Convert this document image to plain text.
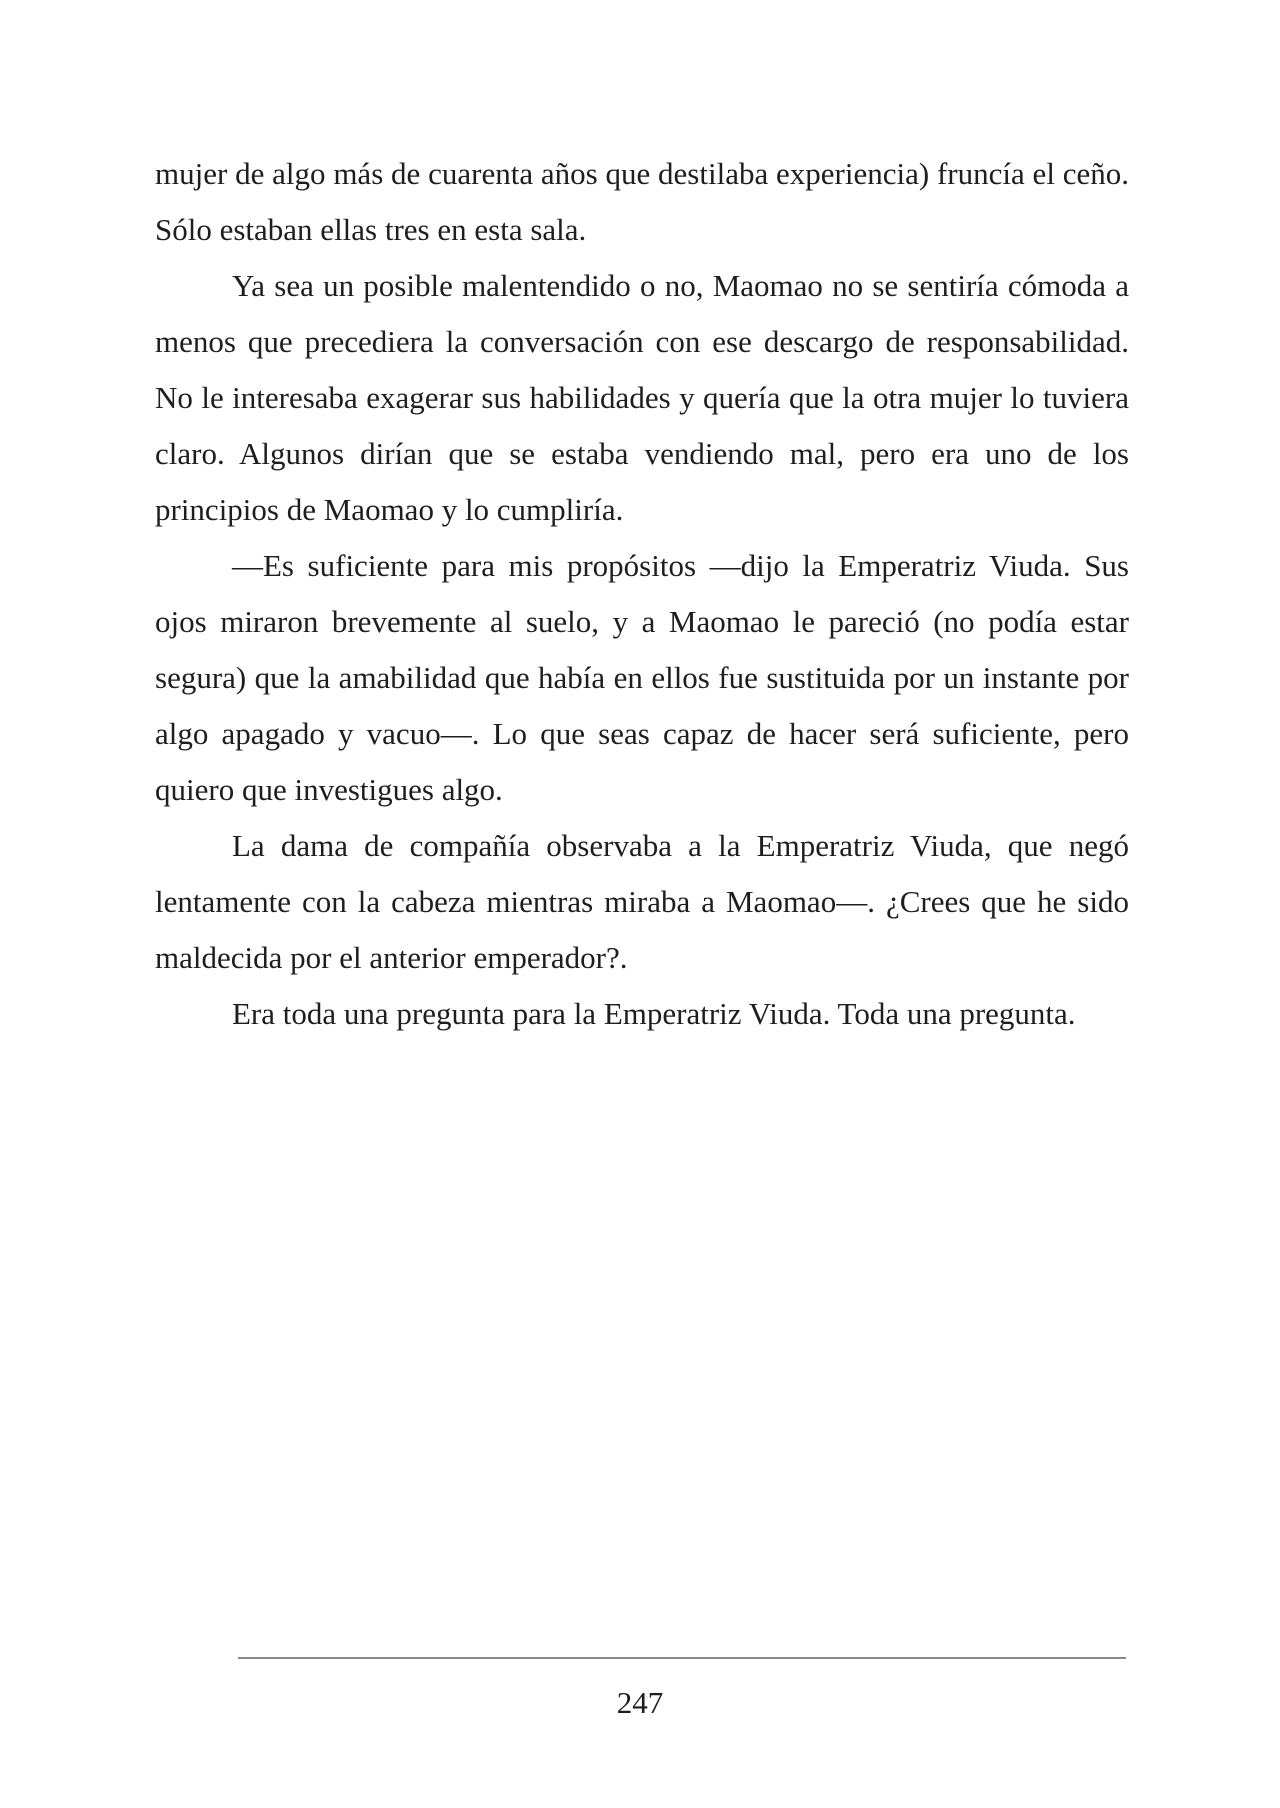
mujer de algo más de cuarenta años que destilaba experiencia) fruncía el ceño. Sólo estaban ellas tres en esta sala.

Ya sea un posible malentendido o no, Maomao no se sentiría cómoda a menos que precediera la conversación con ese descargo de responsabilidad. No le interesaba exagerar sus habilidades y quería que la otra mujer lo tuviera claro. Algunos dirían que se estaba vendiendo mal, pero era uno de los principios de Maomao y lo cumpliría.

—Es suficiente para mis propósitos —dijo la Emperatriz Viuda. Sus ojos miraron brevemente al suelo, y a Maomao le pareció (no podía estar segura) que la amabilidad que había en ellos fue sustituida por un instante por algo apagado y vacuo—. Lo que seas capaz de hacer será suficiente, pero quiero que investigues algo.

La dama de compañía observaba a la Emperatriz Viuda, que negó lentamente con la cabeza mientras miraba a Maomao—. ¿Crees que he sido maldecida por el anterior emperador?.

Era toda una pregunta para la Emperatriz Viuda. Toda una pregunta.

247
